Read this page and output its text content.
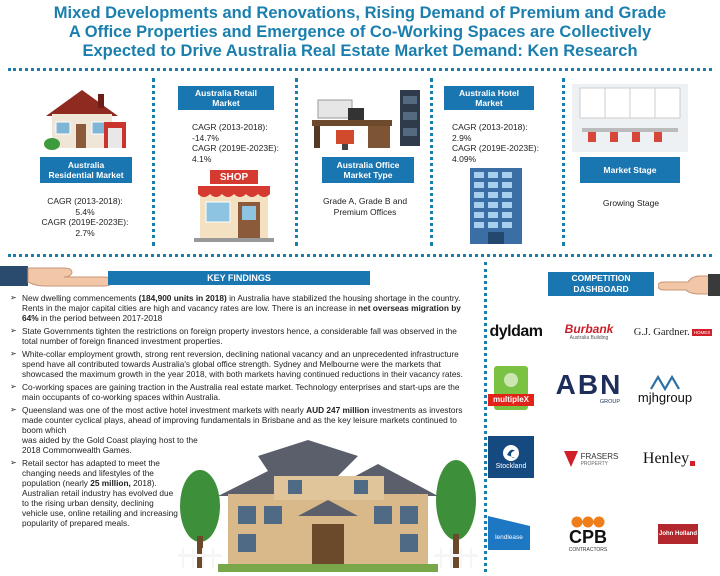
Mixed Developments and Renovations, Rising Demand of Premium and Grade
A Office Properties and Emergence of Co-Working Spaces are Collectively
Expected to Drive Australia Real Estate Market Demand: Ken Research
Australia Residential Market
CAGR (2013-2018):
5.4%
CAGR (2019E-2023E):
2.7%
Australia Retail Market
CAGR (2013-2018):
-14.7%
CAGR (2019E-2023E):
4.1%
SHOP
Australia Office Market Type
Grade A, Grade B and
Premium Offices
Australia Hotel Market
CAGR (2013-2018):
2.9%
CAGR (2019E-2023E):
4.09%
Market Stage
Growing Stage
KEY FINDINGS
➢ New dwelling commencements (184,900 units in 2018) in Australia have stabilized the housing shortage in the country. Rents in the major capital cities are high and vacancy rates are low. There is an increase in net overseas migration by 64% in the period between 2017-2018
➢ State Governments tighten the restrictions on foreign property investors hence, a considerable fall was observed in the total number of foreign financed investment properties.
➢ White-collar employment growth, strong rent reversion, declining national vacancy and an unprecedented infrastructure spend have all contributed towards Australia's global office strength. Sydney and Melbourne were the markets that showcased the maximum growth in the year 2018, with both markets having continued reductions in their vacancy rates.
➢ Co-working spaces are gaining traction in the Australia real estate market. Technology enterprises and start-ups are the main occupants of co-working spaces within Australia.
➢ Queensland was one of the most active hotel investment markets with nearly AUD 247 million investments as investors made counter cyclical plays, ahead of improving fundamentals in Brisbane and as the key leisure markets continued to boom which
was aided by the Gold Coast playing host to the
2018 Commonwealth Games.
➢ Retail sector has adapted to meet the changing needs and lifestyles of the population (nearly 25 million, 2018). Australian retail industry has evolved due to the rising urban density, declining vehicle use, online retailing and increasing popularity of prepared meals.
COMPETITION DASHBOARD
dyldam Burbank
Australia Building
G.J. Gardner. HOMES
multipleX ABN
GROUP mjhgroup
Stockland
FRASERS
PROPERTY	Henley
lendlease	CPB
CONTRACTORS
John Holland
